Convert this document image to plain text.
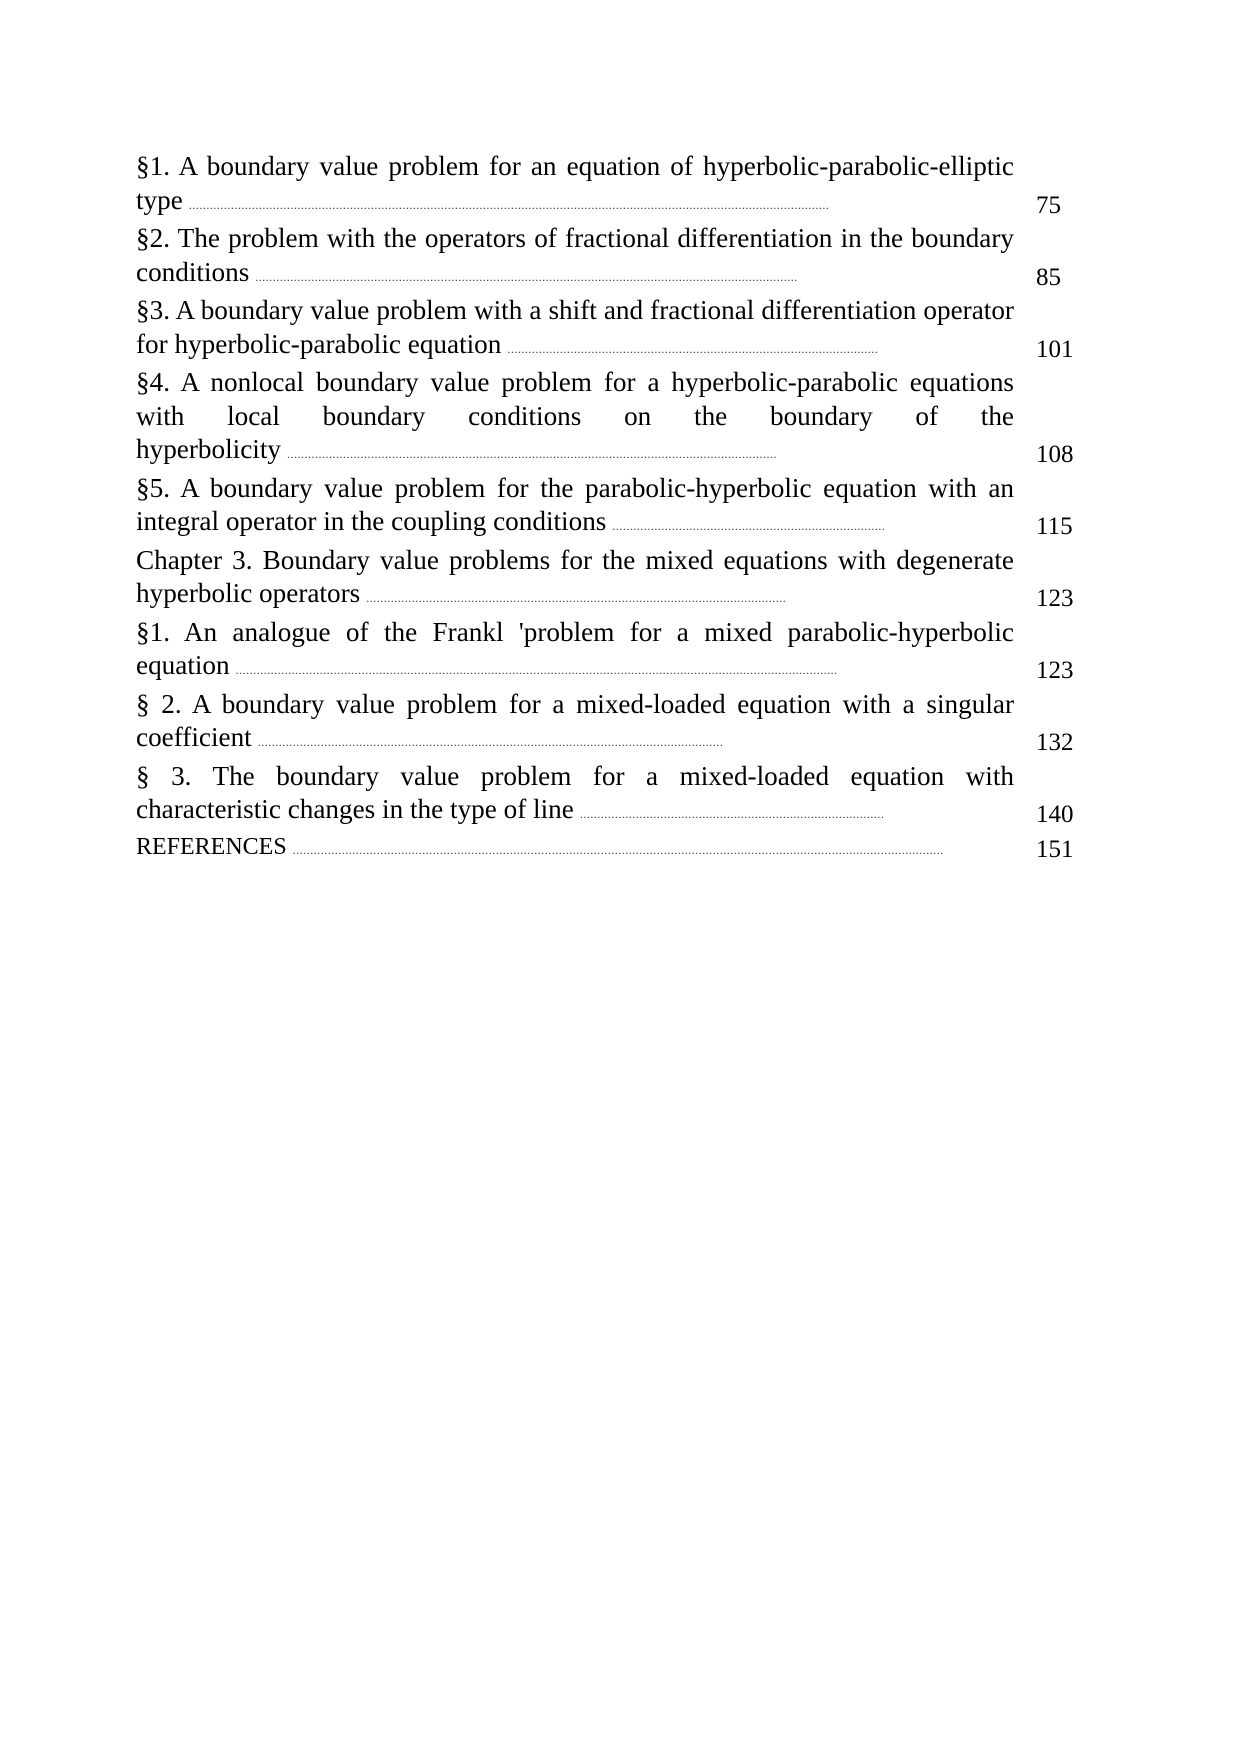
§1. A boundary value problem for an equation of hyperbolic-parabolic-elliptic type .......................................................................................................................................................................................	75
§2. The problem with the operators of fractional differentiation in the boundary conditions ...........................................................................................................................................................	85
§3. A boundary value problem with a shift and fractional differentiation operator for hyperbolic-parabolic equation ..........................................................................................................	101
§4. A nonlocal boundary value problem for a hyperbolic-parabolic equations with local boundary conditions on the boundary of the hyperbolicity ............................................................................................................................................	108
§5. A boundary value problem for the parabolic-hyperbolic equation with an integral operator in the coupling conditions ..............................................................................	115
Chapter 3. Boundary value problems for the mixed equations with degenerate hyperbolic operators ........................................................................................................................	123
§1. An analogue of the Frankl 'problem for a mixed parabolic-hyperbolic equation ............................................................................................................................................................................	123
§ 2. A boundary value problem for a mixed-loaded equation with a singular coefficient .....................................................................................................................................	132
§ 3. The boundary value problem for a mixed-loaded equation with characteristic changes in the type of line .......................................................................................	140
REFERENCES ..........................................................................................................................................................................................	151
